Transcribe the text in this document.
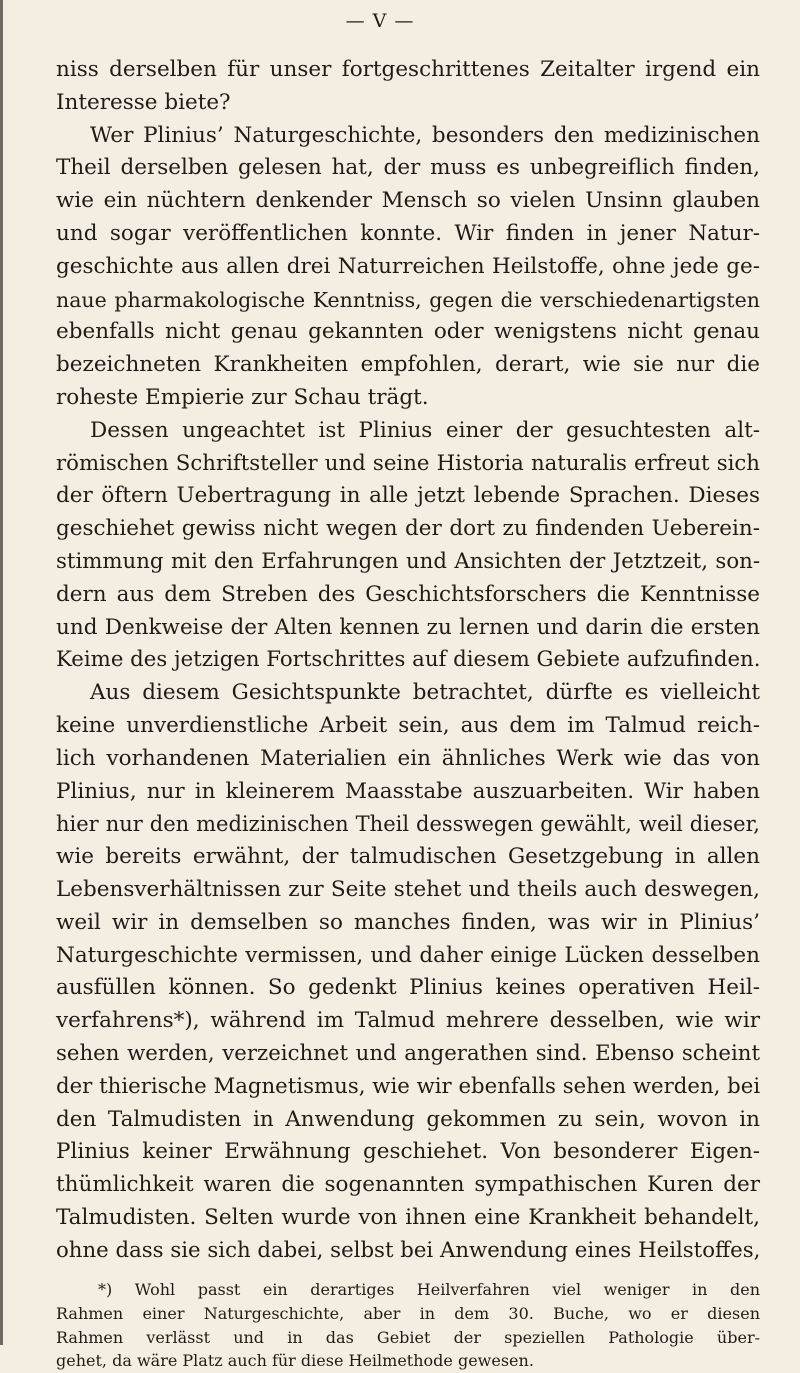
— V —
niss derselben für unser fortgeschrittenes Zeitalter irgend ein
Interesse biete?
Wer Plinius’ Naturgeschichte, besonders den medizinischen
Theil derselben gelesen hat, der muss es unbegreiflich finden,
wie ein nüchtern denkender Mensch so vielen Unsinn glauben
und sogar veröffentlichen konnte. Wir finden in jener Natur-
geschichte aus allen drei Naturreichen Heilstoffe, ohne jede ge-
naue pharmakologische Kenntniss, gegen die verschiedenartigsten
ebenfalls nicht genau gekannten oder wenigstens nicht genau
bezeichneten Krankheiten empfohlen, derart, wie sie nur die
roheste Empierie zur Schau trägt.
Dessen ungeachtet ist Plinius einer der gesuchtesten alt-
römischen Schriftsteller und seine Historia naturalis erfreut sich
der öftern Uebertragung in alle jetzt lebende Sprachen. Dieses
geschiehet gewiss nicht wegen der dort zu findenden Ueberein-
stimmung mit den Erfahrungen und Ansichten der Jetztzeit, son-
dern aus dem Streben des Geschichtsforschers die Kenntnisse
und Denkweise der Alten kennen zu lernen und darin die ersten
Keime des jetzigen Fortschrittes auf diesem Gebiete aufzufinden.
Aus diesem Gesichtspunkte betrachtet, dürfte es vielleicht
keine unverdienstliche Arbeit sein, aus dem im Talmud reich-
lich vorhandenen Materialien ein ähnliches Werk wie das von
Plinius, nur in kleinerem Maasstabe auszuarbeiten. Wir haben
hier nur den medizinischen Theil desswegen gewählt, weil dieser,
wie bereits erwähnt, der talmudischen Gesetzgebung in allen
Lebensverhältnissen zur Seite stehet und theils auch deswegen,
weil wir in demselben so manches finden, was wir in Plinius’
Naturgeschichte vermissen, und daher einige Lücken desselben
ausfüllen können. So gedenkt Plinius keines operativen Heil-
verfahrens*), während im Talmud mehrere desselben, wie wir
sehen werden, verzeichnet und angerathen sind. Ebenso scheint
der thierische Magnetismus, wie wir ebenfalls sehen werden, bei
den Talmudisten in Anwendung gekommen zu sein, wovon in
Plinius keiner Erwähnung geschiehet. Von besonderer Eigen-
thümlichkeit waren die sogenannten sympathischen Kuren der
Talmudisten. Selten wurde von ihnen eine Krankheit behandelt,
ohne dass sie sich dabei, selbst bei Anwendung eines Heilstoffes,
*) Wohl passt ein derartiges Heilverfahren viel weniger in den
Rahmen einer Naturgeschichte, aber in dem 30. Buche, wo er diesen
Rahmen verlässt und in das Gebiet der speziellen Pathologie über-
gehet, da wäre Platz auch für diese Heilmethode gewesen.
